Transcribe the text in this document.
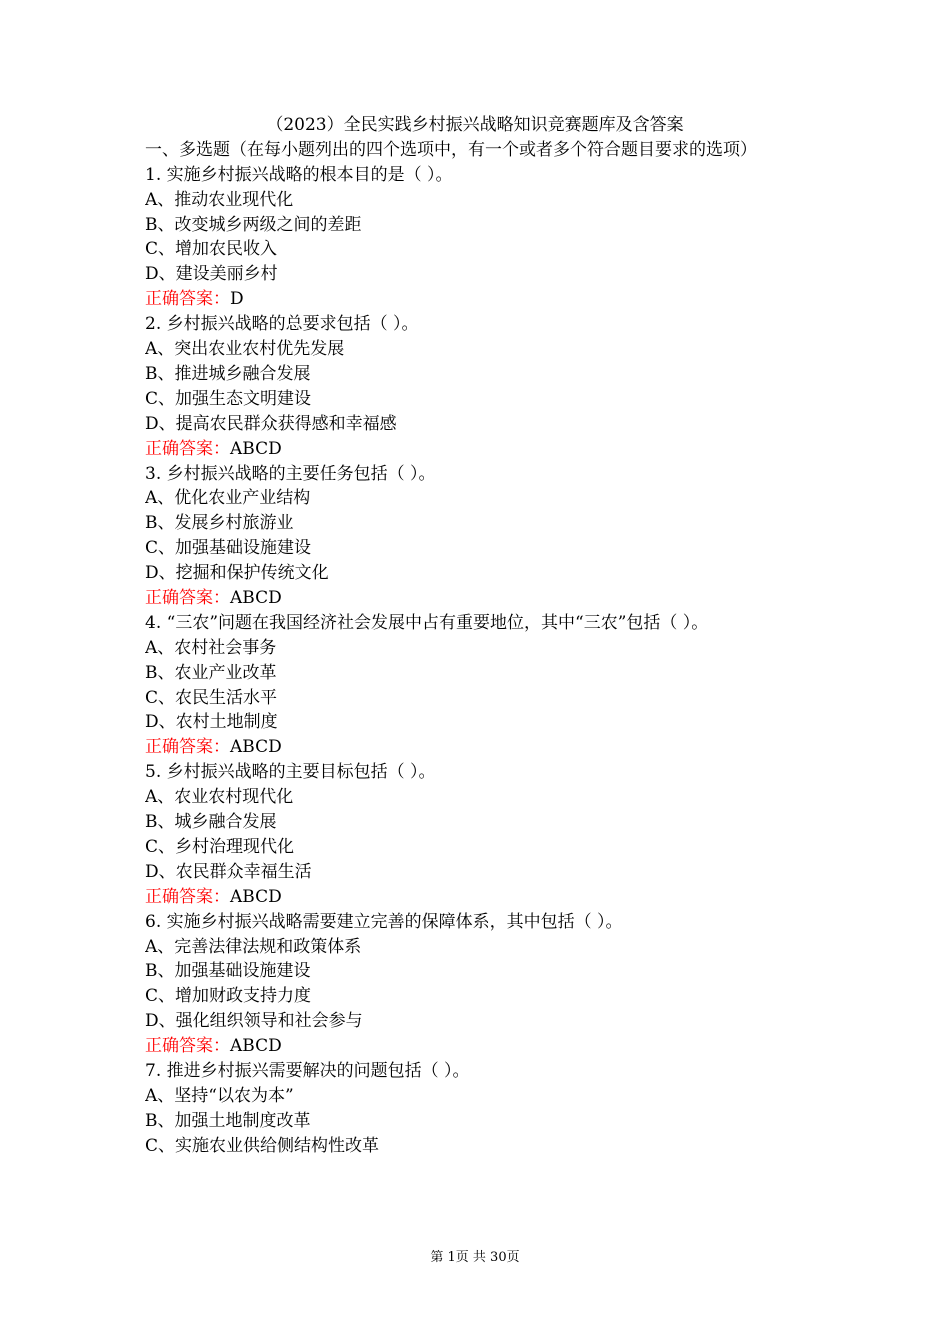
（2023）全民实践乡村振兴战略知识竞赛题库及含答案
一、多选题（在每小题列出的四个选项中，有一个或者多个符合题目要求的选项）
1. 实施乡村振兴战略的根本目的是（ ）。
A、推动农业现代化
B、改变城乡两级之间的差距
C、增加农民收入
D、建设美丽乡村
正确答案：D
2. 乡村振兴战略的总要求包括（ ）。
A、突出农业农村优先发展
B、推进城乡融合发展
C、加强生态文明建设
D、提高农民群众获得感和幸福感
正确答案：ABCD
3. 乡村振兴战略的主要任务包括（ ）。
A、优化农业产业结构
B、发展乡村旅游业
C、加强基础设施建设
D、挖掘和保护传统文化
正确答案：ABCD
4. “三农”问题在我国经济社会发展中占有重要地位，其中“三农”包括（ ）。
A、农村社会事务
B、农业产业改革
C、农民生活水平
D、农村土地制度
正确答案：ABCD
5. 乡村振兴战略的主要目标包括（ ）。
A、农业农村现代化
B、城乡融合发展
C、乡村治理现代化
D、农民群众幸福生活
正确答案：ABCD
6. 实施乡村振兴战略需要建立完善的保障体系，其中包括（ ）。
A、完善法律法规和政策体系
B、加强基础设施建设
C、增加财政支持力度
D、强化组织领导和社会参与
正确答案：ABCD
7. 推进乡村振兴需要解决的问题包括（ ）。
A、坚持“以农为本”
B、加强土地制度改革
C、实施农业供给侧结构性改革
第 1页 共 30页
